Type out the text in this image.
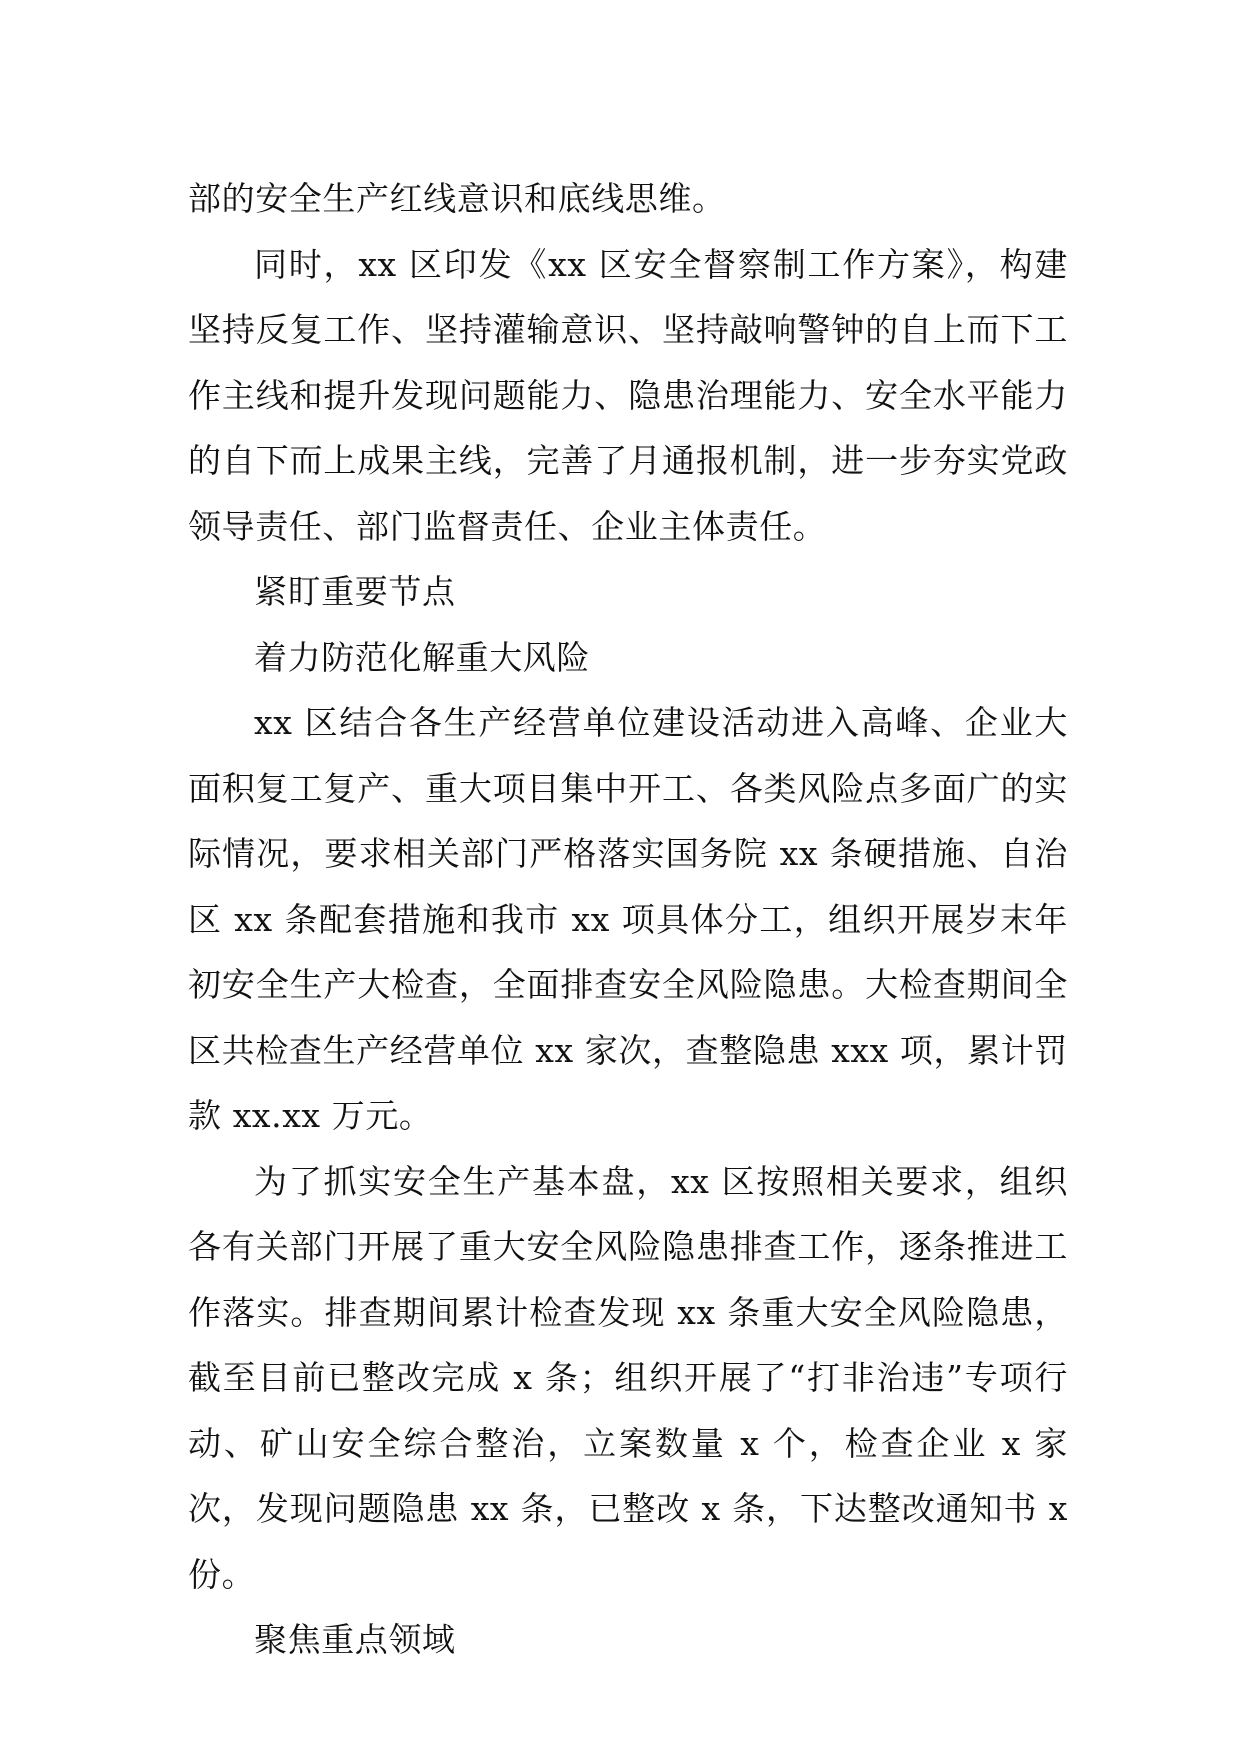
部的安全生产红线意识和底线思维。

同时，xx 区印发《xx 区安全督察制工作方案》，构建坚持反复工作、坚持灌输意识、坚持敲响警钟的自上而下工作主线和提升发现问题能力、隐患治理能力、安全水平能力的自下而上成果主线，完善了月通报机制，进一步夯实党政领导责任、部门监督责任、企业主体责任。

紧盯重要节点

着力防范化解重大风险

xx 区结合各生产经营单位建设活动进入高峰、企业大面积复工复产、重大项目集中开工、各类风险点多面广的实际情况，要求相关部门严格落实国务院 xx 条硬措施、自治区 xx 条配套措施和我市 xx 项具体分工，组织开展岁末年初安全生产大检查，全面排查安全风险隐患。大检查期间全区共检查生产经营单位 xx 家次，查整隐患 xxx 项，累计罚款 xx.xx 万元。

为了抓实安全生产基本盘，xx 区按照相关要求，组织各有关部门开展了重大安全风险隐患排查工作，逐条推进工作落实。排查期间累计检查发现 xx 条重大安全风险隐患，截至目前已整改完成 x 条；组织开展了“打非治违”专项行动、矿山安全综合整治，立案数量 x 个，检查企业 x 家次，发现问题隐患 xx 条，已整改 x 条，下达整改通知书 x 份。

聚焦重点领域
